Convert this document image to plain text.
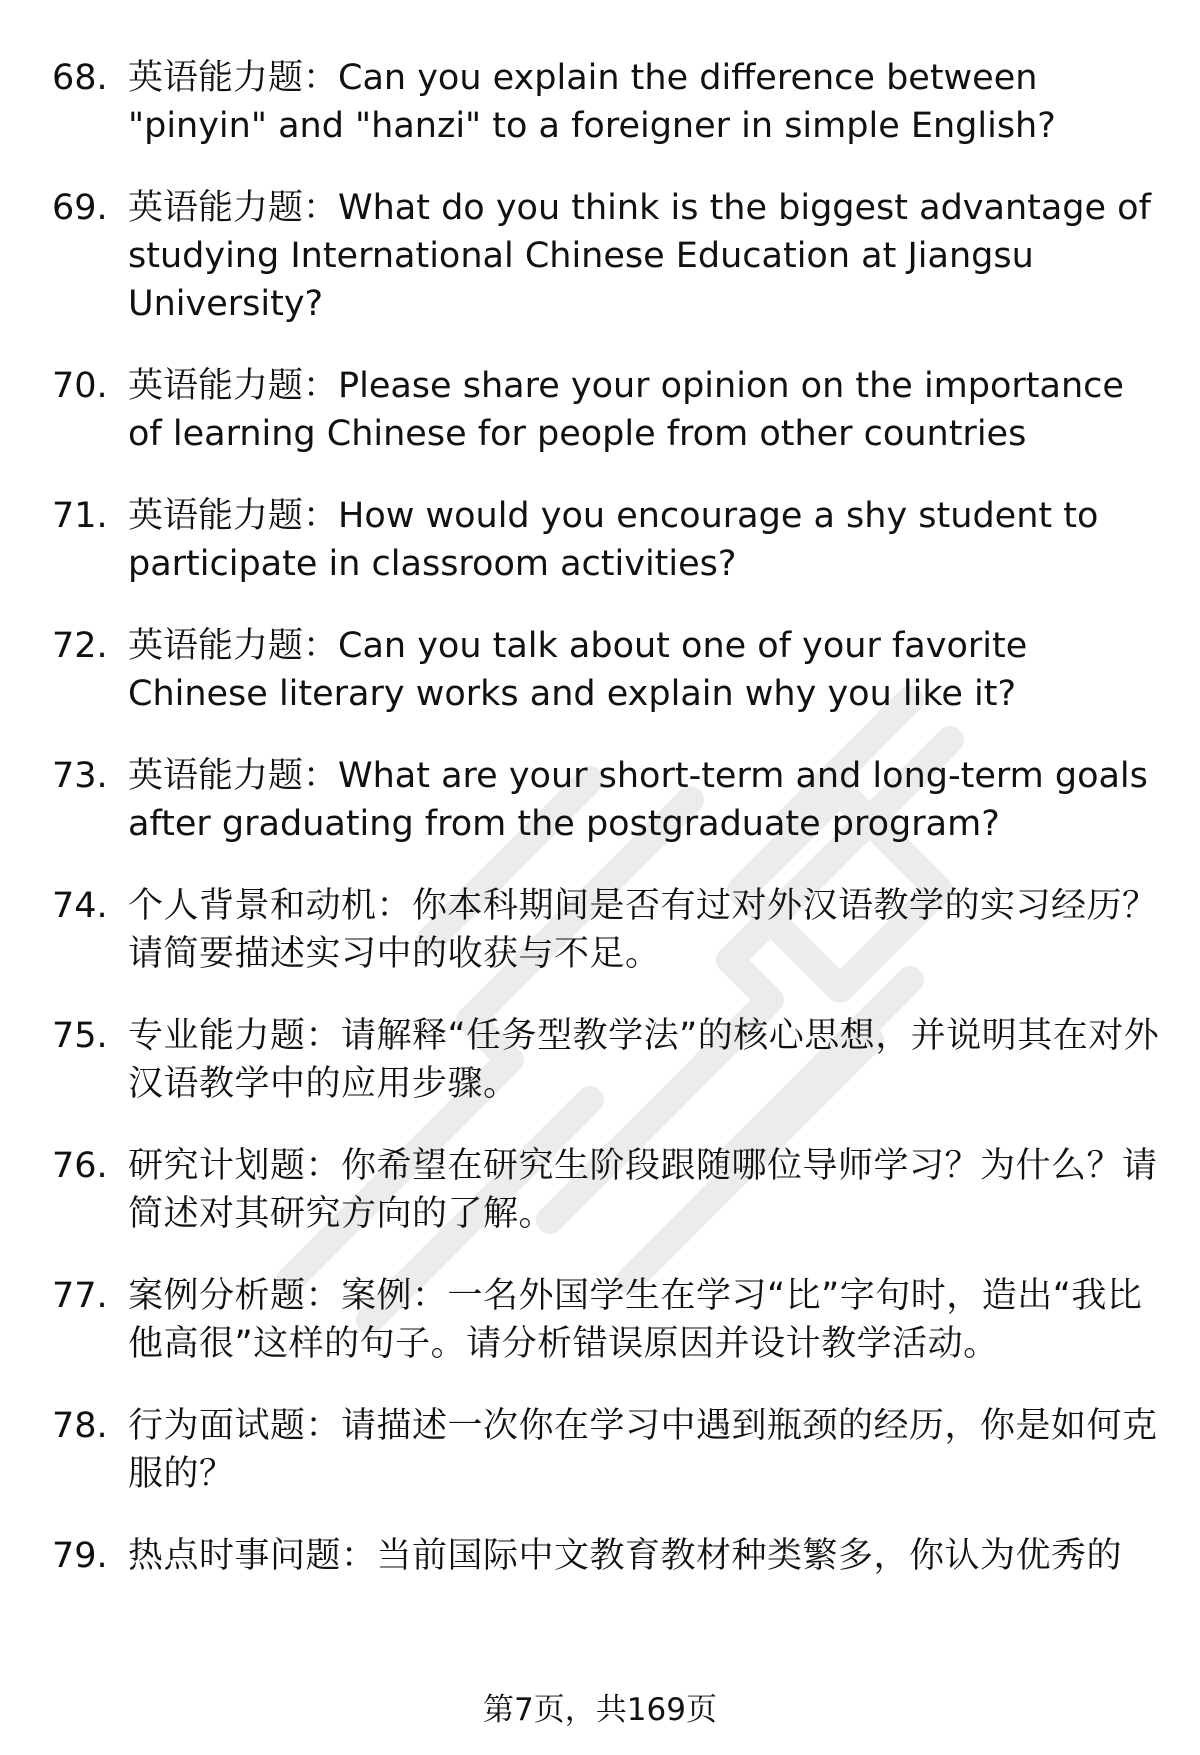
68. 英语能力题：Can you explain the difference between "pinyin" and "hanzi" to a foreigner in simple English?
69. 英语能力题：What do you think is the biggest advantage of studying International Chinese Education at Jiangsu University?
70. 英语能力题：Please share your opinion on the importance of learning Chinese for people from other countries
71. 英语能力题：How would you encourage a shy student to participate in classroom activities?
72. 英语能力题：Can you talk about one of your favorite Chinese literary works and explain why you like it?
73. 英语能力题：What are your short-term and long-term goals after graduating from the postgraduate program?
74. 个人背景和动机：你本科期间是否有过对外汉语教学的实习经历？请简要描述实习中的收获与不足。
75. 专业能力题：请解释“任务型教学法”的核心思想，并说明其在对外汉语教学中的应用步骤。
76. 研究计划题：你希望在研究生阶段跟随哪位导师学习？为什么？请简述对其研究方向的了解。
77. 案例分析题：案例：一名外国学生在学习“比”字句时，造出“我比他高很”这样的句子。请分析错误原因并设计教学活动。
78. 行为面试题：请描述一次你在学习中遇到瓶颈的经历，你是如何克服的？
79. 热点时事问题：当前国际中文教育教材种类繁多，你认为优秀的
第7页，共169页
